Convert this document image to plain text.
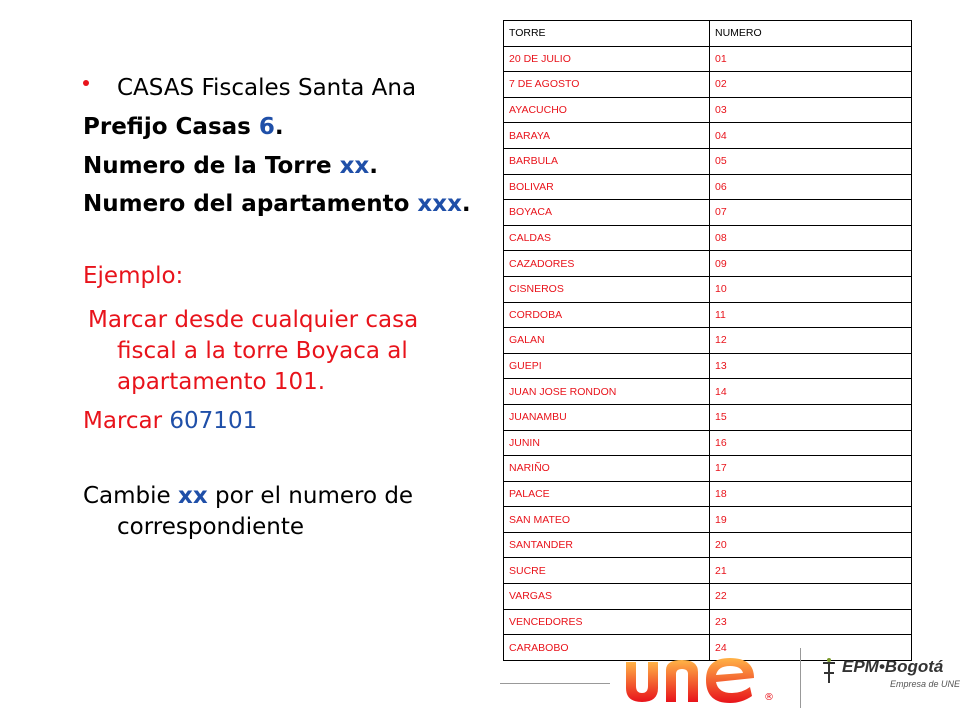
CASAS Fiscales Santa Ana
Prefijo Casas 6.
Numero de la Torre xx.
Numero del apartamento xxx.
Ejemplo:
Marcar desde cualquier casa
fiscal a la torre Boyaca al
apartamento 101.
Marcar 607101
Cambie xx por el numero de
correspondiente
TORRE	NUMERO
20 DE JULIO	01
7 DE AGOSTO	02
AYACUCHO	03
BARAYA	04
BARBULA	05
BOLIVAR	06
BOYACA	07
CALDAS	08
CAZADORES	09
CISNEROS	10
CORDOBA	11
GALAN	12
GUEPI	13
JUAN JOSE RONDON	14
JUANAMBU	15
JUNIN	16
NARIÑO	17
PALACE	18
SAN MATEO	19
SANTANDER	20
SUCRE	21
VARGAS	22
VENCEDORES	23
CARABOBO	24
®
une
EPM•Bogotá
Empresa de UNE
